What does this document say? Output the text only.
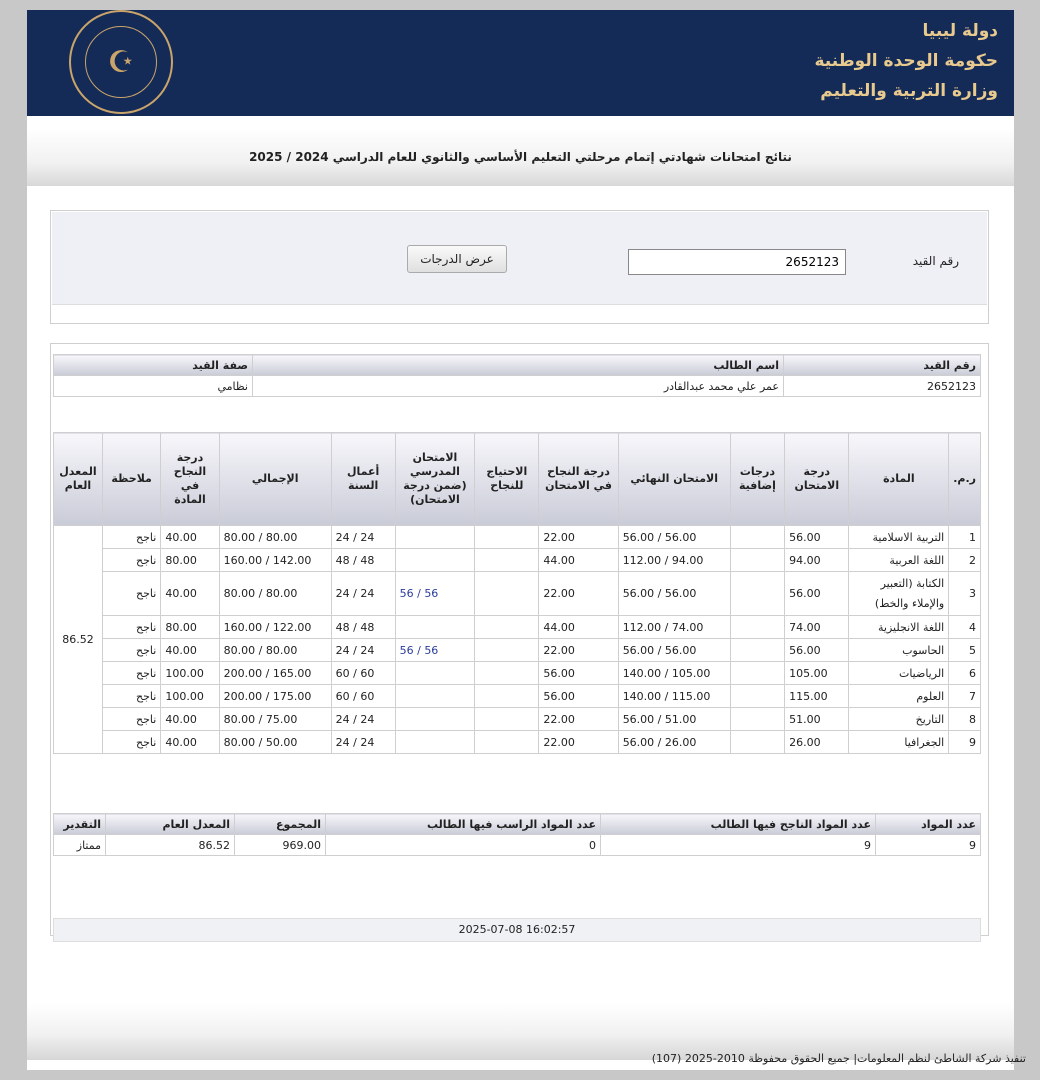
☪
دولة ليبيا
حكومة الوحدة الوطنية
وزارة التربية والتعليم
نتائج امتحانات شهادتي إتمام مرحلتي التعليم الأساسي والثانوي للعام الدراسي 2024 / 2025
رقم القيد
2652123
عرض الدرجات
رقم القيد	اسم الطالب	صفة القيد
2652123	عمر علي محمد عبدالقادر	نظامي
ر.م.	المادة	درجة الامتحان	درجات إضافية	الامتحان النهائي	درجة النجاح في الامتحان	الاحتياج للنجاح	الامتحان المدرسي (ضمن درجة الامتحان)	أعمال السنة	الإجمالي	درجة النجاح في المادة	ملاحظة	المعدل العام
1	التربية الاسلامية	56.00		56.00 / 56.00	22.00			24 / 24	80.00 / 80.00	40.00	ناجح	86.52
2	اللغة العربية	94.00		94.00 / 112.00	44.00			48 / 48	142.00 / 160.00	80.00	ناجح	
3	الكتابة (التعبير والإملاء والخط)	56.00		56.00 / 56.00	22.00		56 / 56	24 / 24	80.00 / 80.00	40.00	ناجح	
4	اللغة الانجليزية	74.00		74.00 / 112.00	44.00			48 / 48	122.00 / 160.00	80.00	ناجح	
5	الحاسوب	56.00		56.00 / 56.00	22.00		56 / 56	24 / 24	80.00 / 80.00	40.00	ناجح	
6	الرياضيات	105.00		105.00 / 140.00	56.00			60 / 60	165.00 / 200.00	100.00	ناجح	
7	العلوم	115.00		115.00 / 140.00	56.00			60 / 60	175.00 / 200.00	100.00	ناجح	
8	التاريخ	51.00		51.00 / 56.00	22.00			24 / 24	75.00 / 80.00	40.00	ناجح	
9	الجغرافيا	26.00		26.00 / 56.00	22.00			24 / 24	50.00 / 80.00	40.00	ناجح	
عدد المواد	عدد المواد الناجح فيها الطالب	عدد المواد الراسب فيها الطالب	المجموع	المعدل العام	التقدير
9	9	0	969.00	86.52	ممتاز
2025-07-08 16:02:57
تنفيذ شركة الشاطئ لنظم المعلومات| جميع الحقوق محفوظة 2010-2025 (107)
